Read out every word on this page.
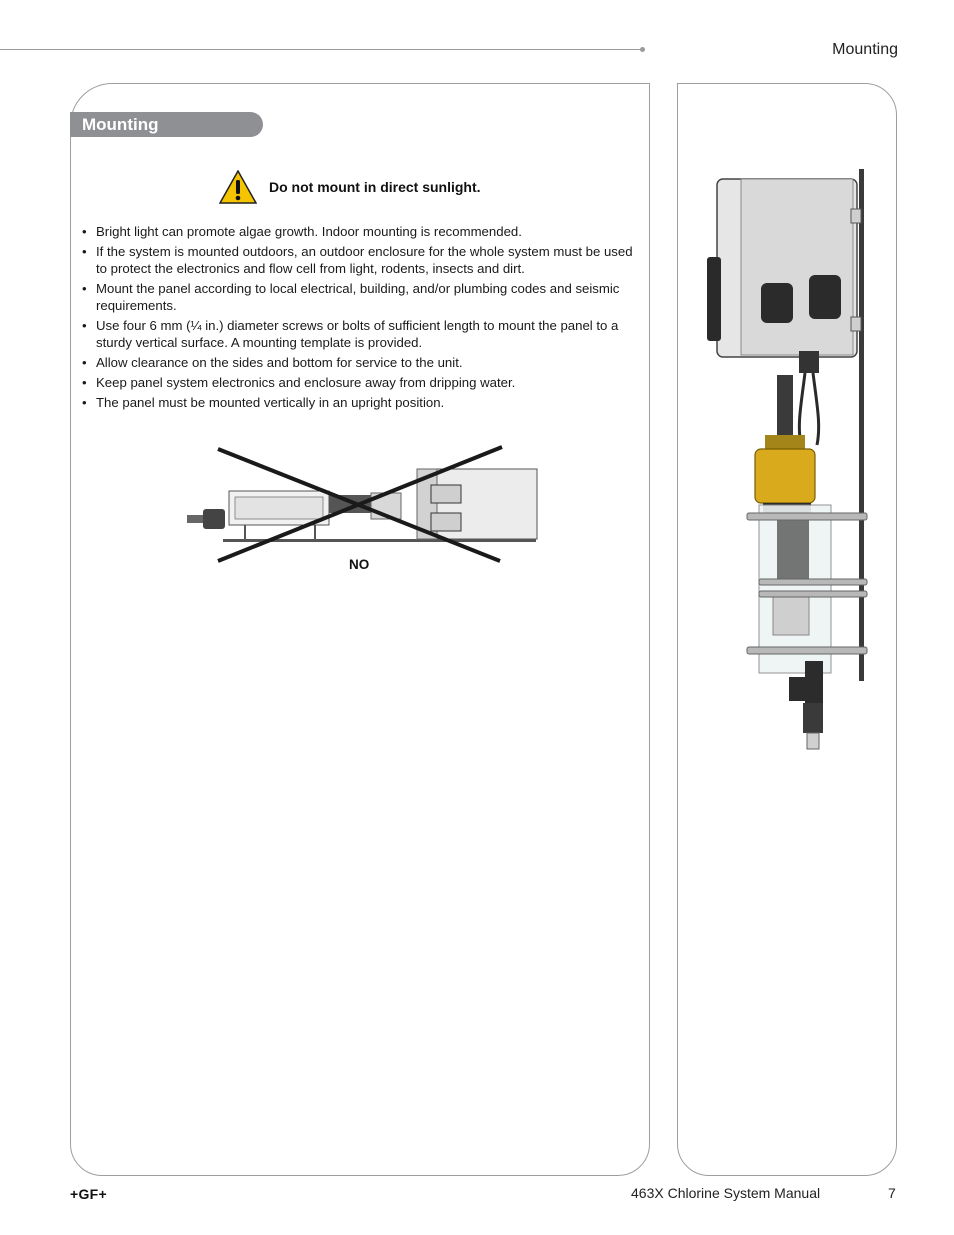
Mounting
Mounting
Do not mount in direct sunlight.
• Bright light can promote algae growth. Indoor mounting is recommended.
• If the system is mounted outdoors, an outdoor enclosure for the whole system must be used to protect the electronics and flow cell from light, rodents, insects and dirt.
• Mount the panel according to local electrical, building, and/or plumbing codes and seismic requirements.
• Use four 6 mm (¼ in.) diameter screws or bolts of sufficient length to mount the panel to a sturdy vertical surface. A mounting template is provided.
• Allow clearance on the sides and bottom for service to the unit.
• Keep panel system electronics and enclosure away from dripping water.
• The panel must be mounted vertically in an upright position.
NO
+GF+	463X Chlorine System Manual	7
